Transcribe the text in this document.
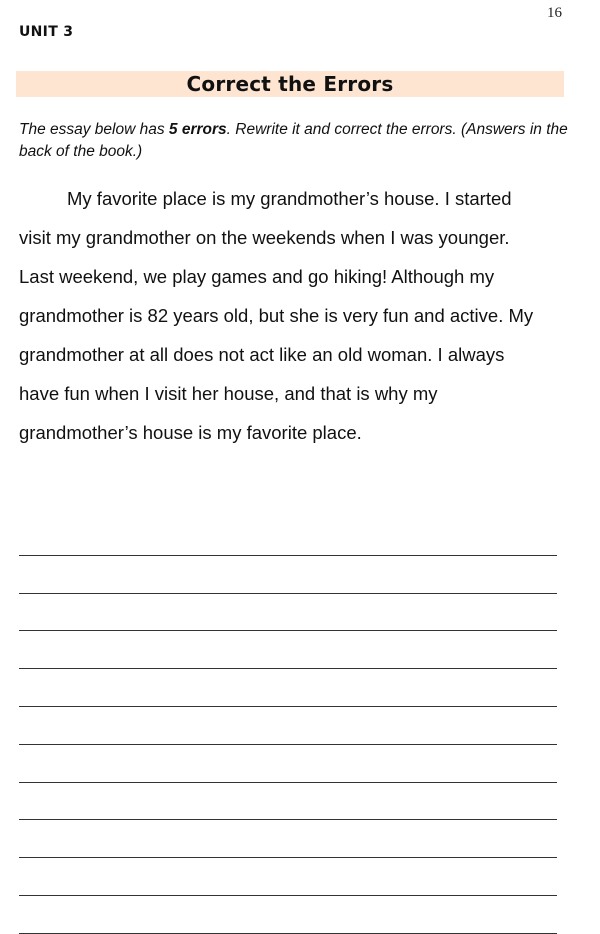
16
UNIT 3
Correct the Errors
The essay below has 5 errors. Rewrite it and correct the errors. (Answers in the back of the book.)
My favorite place is my grandmother’s house. I started
visit my grandmother on the weekends when I was younger.
Last weekend, we play games and go hiking! Although my
grandmother is 82 years old, but she is very fun and active. My
grandmother at all does not act like an old woman. I always
have fun when I visit her house, and that is why my
grandmother’s house is my favorite place.
